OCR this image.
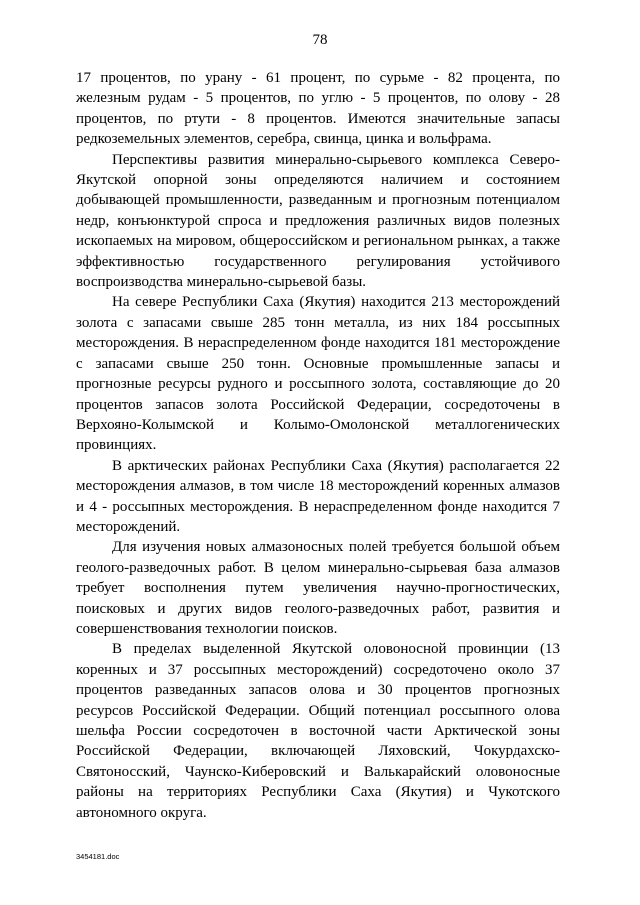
78

17 процентов, по урану - 61 процент, по сурьме - 82 процента, по железным рудам - 5 процентов, по углю - 5 процентов, по олову - 28 процентов, по ртути - 8 процентов. Имеются значительные запасы редкоземельных элементов, серебра, свинца, цинка и вольфрама.

Перспективы развития минерально-сырьевого комплекса Северо-Якутской опорной зоны определяются наличием и состоянием добывающей промышленности, разведанным и прогнозным потенциалом недр, конъюнктурой спроса и предложения различных видов полезных ископаемых на мировом, общероссийском и региональном рынках, а также эффективностью государственного регулирования устойчивого воспроизводства минерально-сырьевой базы.

На севере Республики Саха (Якутия) находится 213 месторождений золота с запасами свыше 285 тонн металла, из них 184 россыпных месторождения. В нераспределенном фонде находится 181 месторождение с запасами свыше 250 тонн. Основные промышленные запасы и прогнозные ресурсы рудного и россыпного золота, составляющие до 20 процентов запасов золота Российской Федерации, сосредоточены в Верхояно-Колымской и Колымо-Омолонской металлогенических провинциях.

В арктических районах Республики Саха (Якутия) располагается 22 месторождения алмазов, в том числе 18 месторождений коренных алмазов и 4 - россыпных месторождения. В нераспределенном фонде находится 7 месторождений.

Для изучения новых алмазоносных полей требуется большой объем геолого-разведочных работ. В целом минерально-сырьевая база алмазов требует восполнения путем увеличения научно-прогностических, поисковых и других видов геолого-разведочных работ, развития и совершенствования технологии поисков.

В пределах выделенной Якутской оловоносной провинции (13 коренных и 37 россыпных месторождений) сосредоточено около 37 процентов разведанных запасов олова и 30 процентов прогнозных ресурсов Российской Федерации. Общий потенциал россыпного олова шельфа России сосредоточен в восточной части Арктической зоны Российской Федерации, включающей Ляховский, Чокурдахско-Святоносский, Чаунско-Киберовский и Валькарайский оловоносные районы на территориях Республики Саха (Якутия) и Чукотского автономного округа.

3454181.doc
